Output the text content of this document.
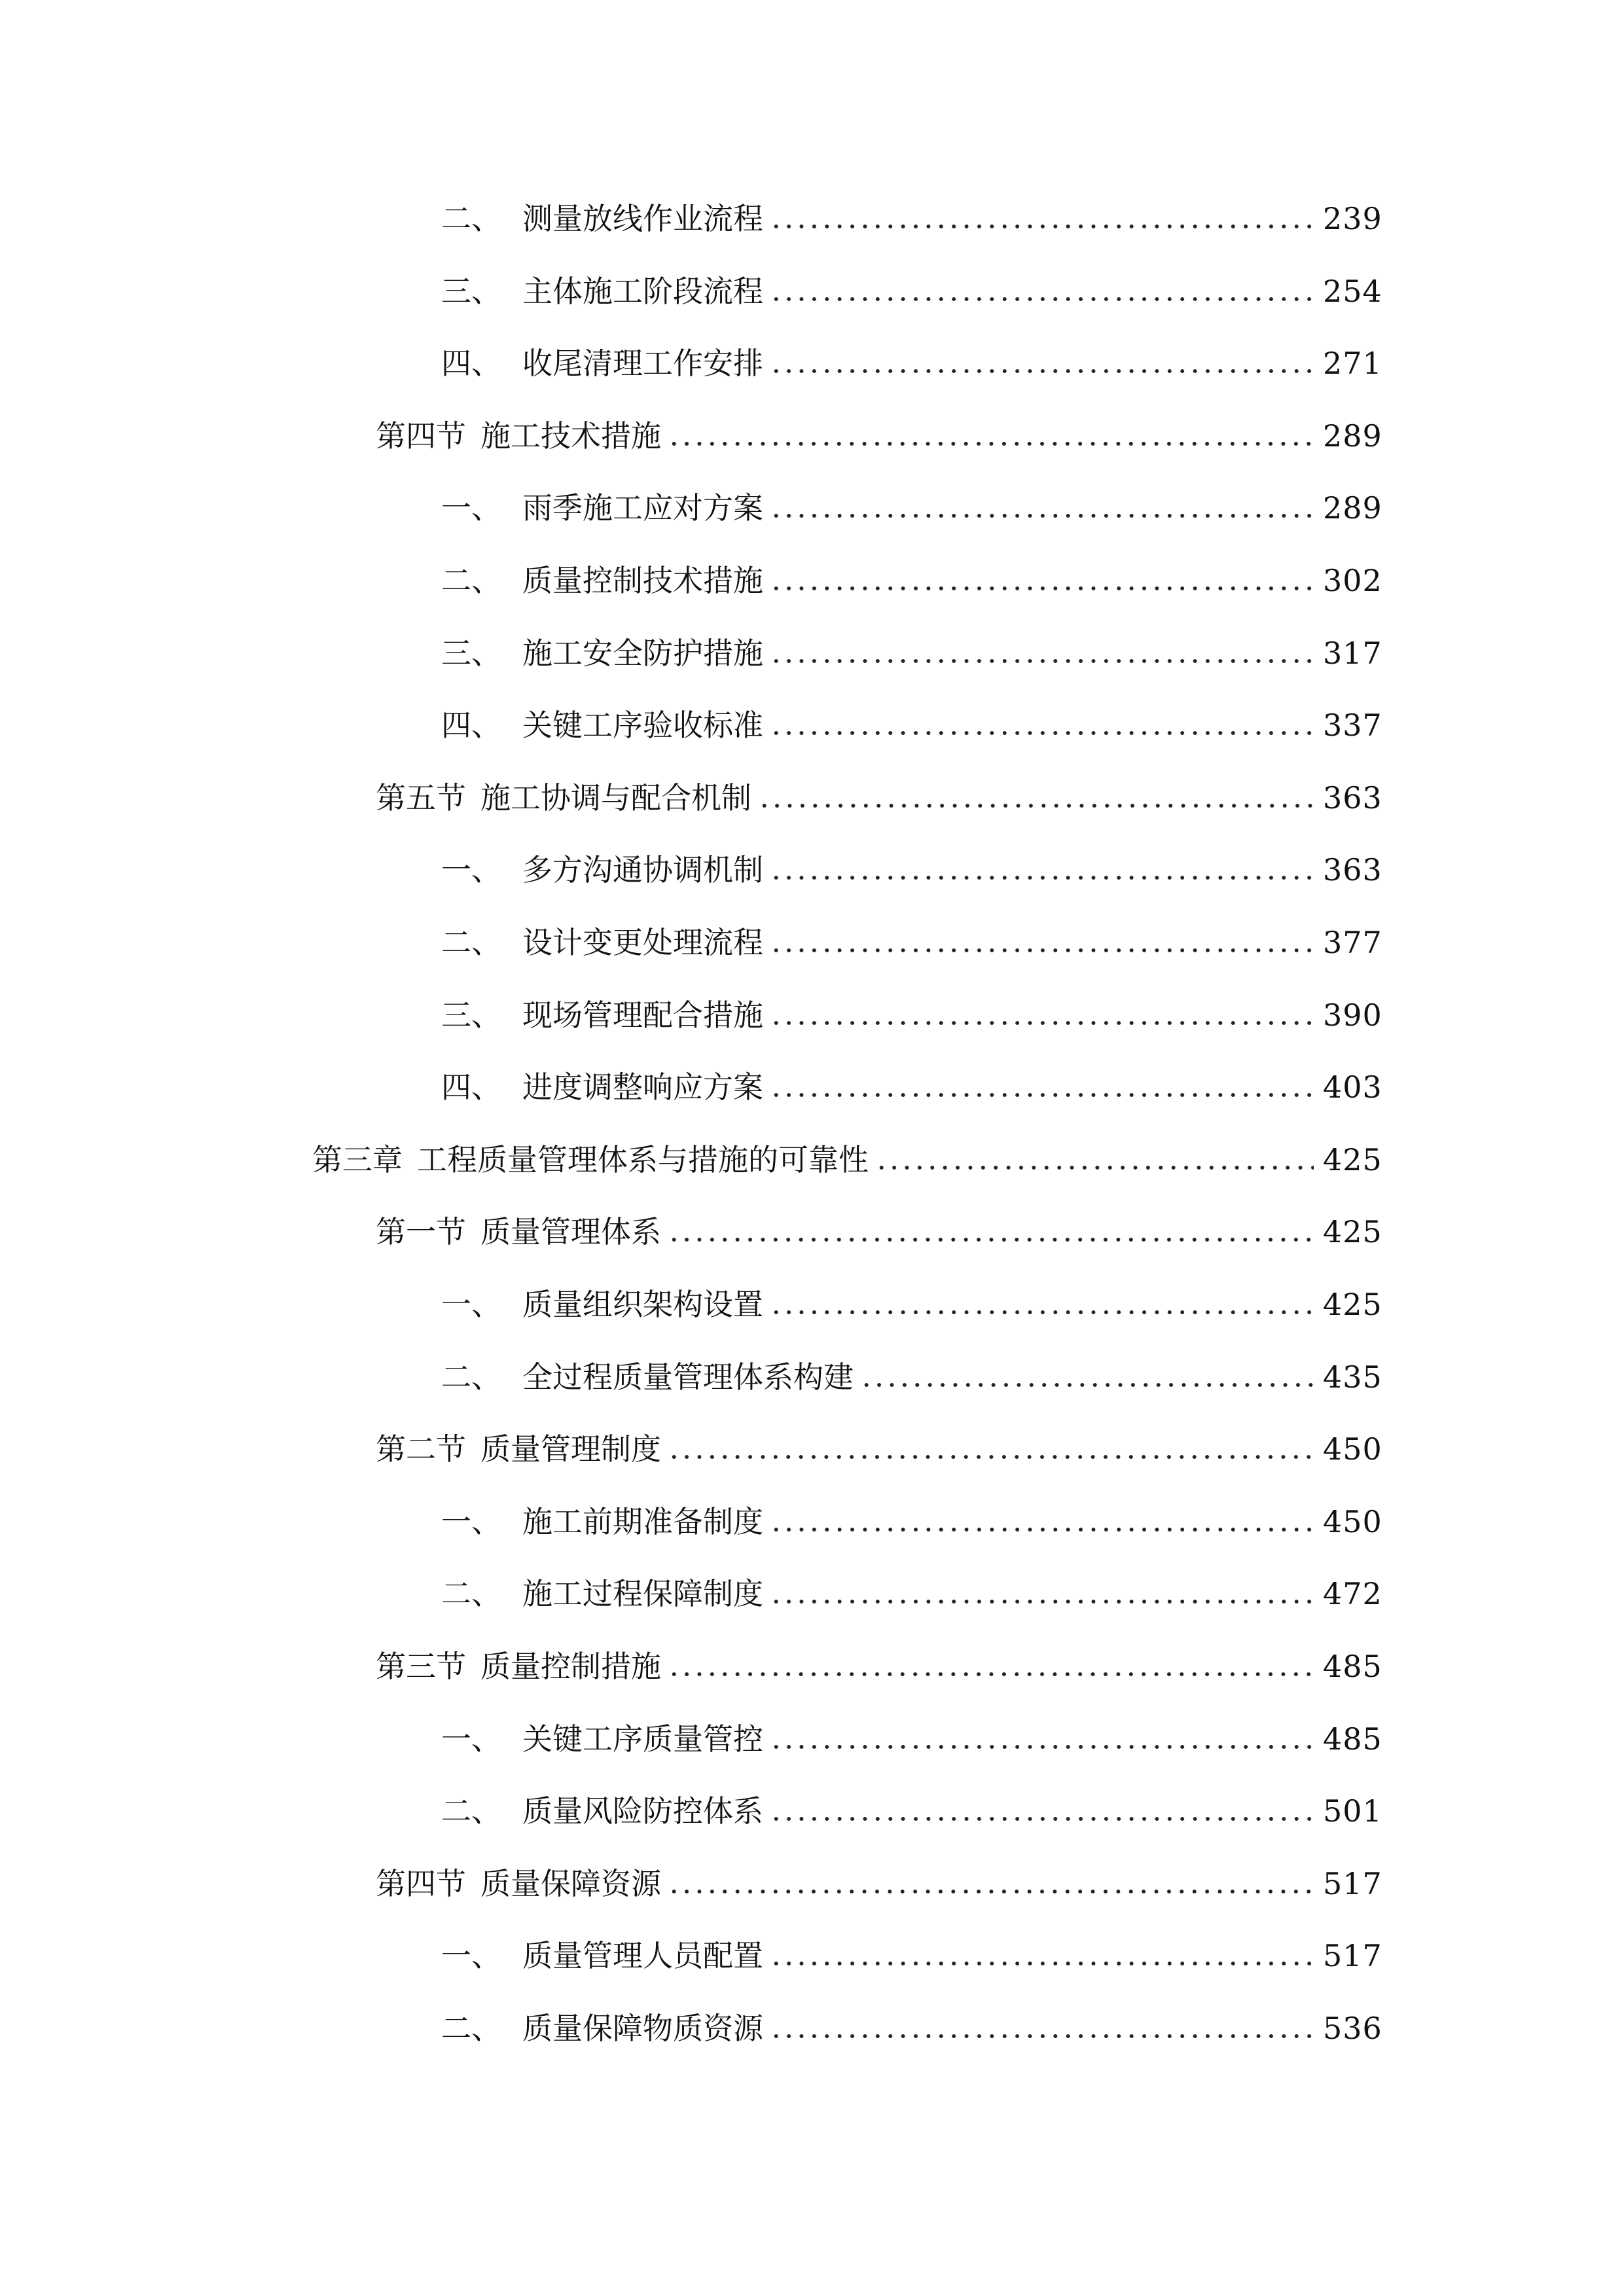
二、 测量放线作业流程	239
三、 主体施工阶段流程	254
四、 收尾清理工作安排	271
第四节 施工技术措施	289
一、 雨季施工应对方案	289
二、 质量控制技术措施	302
三、 施工安全防护措施	317
四、 关键工序验收标准	337
第五节 施工协调与配合机制	363
一、 多方沟通协调机制	363
二、 设计变更处理流程	377
三、 现场管理配合措施	390
四、 进度调整响应方案	403
第三章 工程质量管理体系与措施的可靠性	425
第一节 质量管理体系	425
一、 质量组织架构设置	425
二、 全过程质量管理体系构建	435
第二节 质量管理制度	450
一、 施工前期准备制度	450
二、 施工过程保障制度	472
第三节 质量控制措施	485
一、 关键工序质量管控	485
二、 质量风险防控体系	501
第四节 质量保障资源	517
一、 质量管理人员配置	517
二、 质量保障物质资源	536
